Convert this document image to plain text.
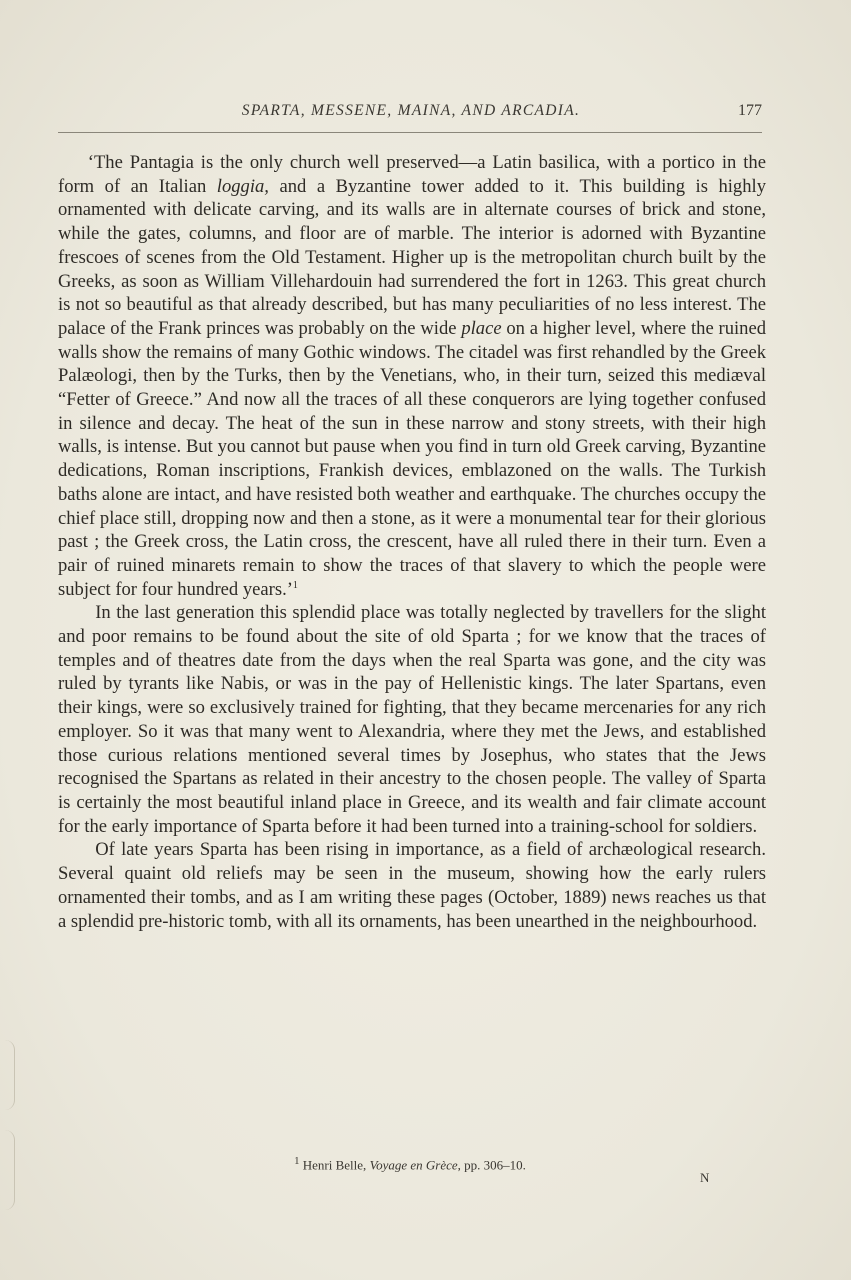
SPARTA, MESSENE, MAINA, AND ARCADIA.	177

‘The Pantagia is the only church well preserved—a Latin basilica, with a portico in the form of an Italian loggia, and a Byzantine tower added to it. This building is highly ornamented with delicate carving, and its walls are in alternate courses of brick and stone, while the gates, columns, and floor are of marble. The interior is adorned with Byzantine frescoes of scenes from the Old Testament. Higher up is the metropolitan church built by the Greeks, as soon as William Villehardouin had surrendered the fort in 1263. This great church is not so beautiful as that already described, but has many peculiarities of no less interest. The palace of the Frank princes was probably on the wide place on a higher level, where the ruined walls show the remains of many Gothic windows. The citadel was first rehandled by the Greek Palæologi, then by the Turks, then by the Venetians, who, in their turn, seized this mediæval “Fetter of Greece.” And now all the traces of all these conquerors are lying together confused in silence and decay. The heat of the sun in these narrow and stony streets, with their high walls, is intense. But you cannot but pause when you find in turn old Greek carving, Byzantine dedications, Roman inscriptions, Frankish devices, emblazoned on the walls. The Turkish baths alone are intact, and have resisted both weather and earthquake. The churches occupy the chief place still, dropping now and then a stone, as it were a monumental tear for their glorious past ; the Greek cross, the Latin cross, the crescent, have all ruled there in their turn. Even a pair of ruined minarets remain to show the traces of that slavery to which the people were subject for four hundred years.’$^1$

In the last generation this splendid place was totally neglected by travellers for the slight and poor remains to be found about the site of old Sparta ; for we know that the traces of temples and of theatres date from the days when the real Sparta was gone, and the city was ruled by tyrants like Nabis, or was in the pay of Hellenistic kings. The later Spartans, even their kings, were so exclusively trained for fighting, that they became mercenaries for any rich employer. So it was that many went to Alexandria, where they met the Jews, and established those curious relations mentioned several times by Josephus, who states that the Jews recognised the Spartans as related in their ancestry to the chosen people. The valley of Sparta is certainly the most beautiful inland place in Greece, and its wealth and fair climate account for the early importance of Sparta before it had been turned into a training-school for soldiers.

Of late years Sparta has been rising in importance, as a field of archæological research. Several quaint old reliefs may be seen in the museum, showing how the early rulers ornamented their tombs, and as I am writing these pages (October, 1889) news reaches us that a splendid pre-historic tomb, with all its ornaments, has been unearthed in the neighbourhood.

$^1$ Henri Belle, Voyage en Grèce, pp. 306–10.
N
